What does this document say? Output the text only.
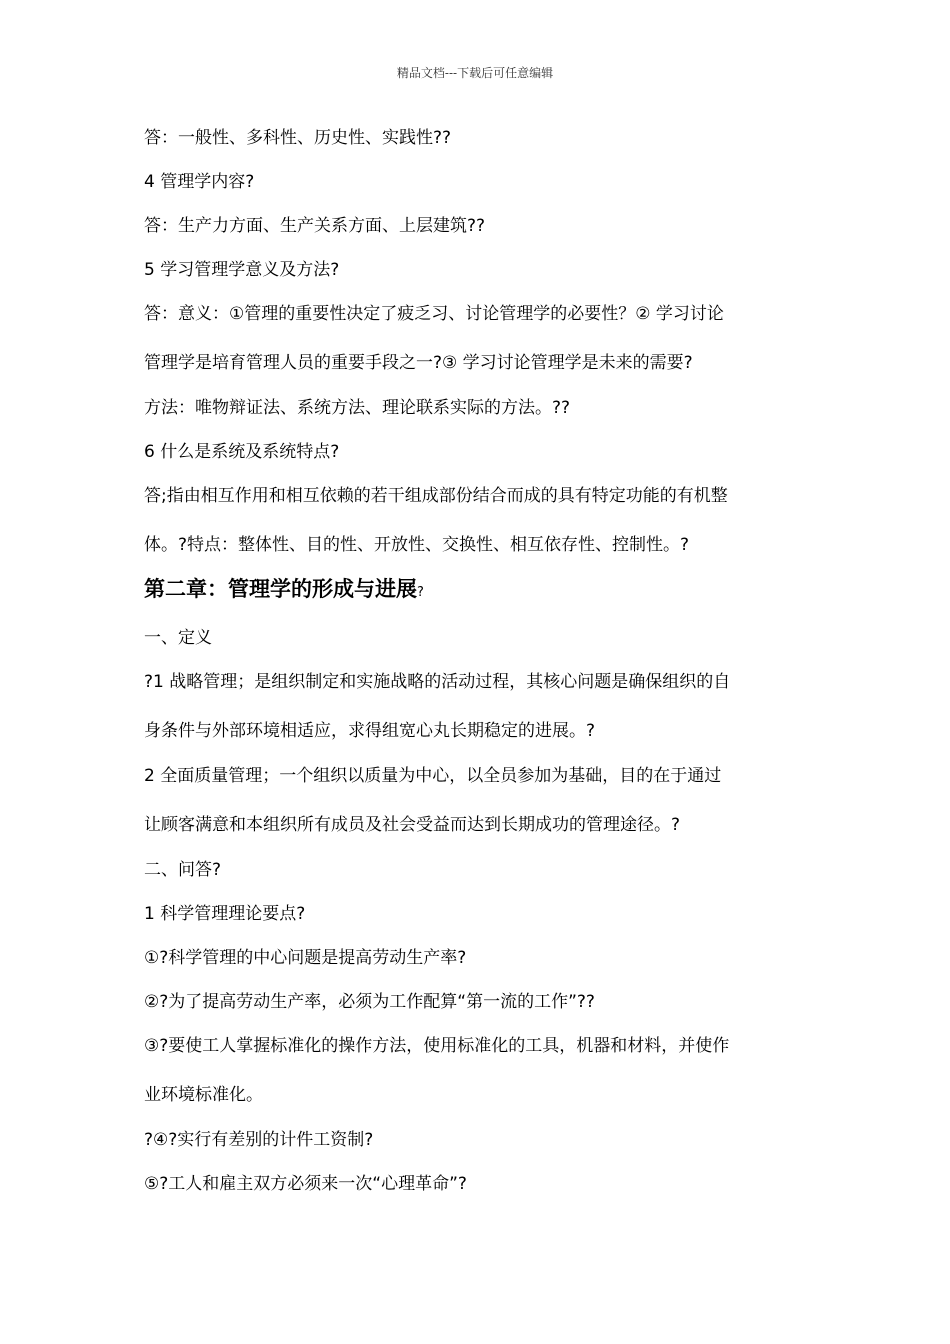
精品文档---下载后可任意编辑
答：一般性、多科性、历史性、实践性??
4 管理学内容?
答：生产力方面、生产关系方面、上层建筑??
5 学习管理学意义及方法?
答：意义：①管理的重要性决定了疲乏习、讨论管理学的必要性？② 学习讨论
管理学是培育管理人员的重要手段之一?③ 学习讨论管理学是未来的需要?
方法：唯物辩证法、系统方法、理论联系实际的方法。??
6 什么是系统及系统特点?
答;指由相互作用和相互依赖的若干组成部份结合而成的具有特定功能的有机整
体。?特点：整体性、目的性、开放性、交换性、相互依存性、控制性。?
第二章：管理学的形成与进展?
一、定义
?1 战略管理；是组织制定和实施战略的活动过程，其核心问题是确保组织的自
身条件与外部环境相适应，求得组宽心丸长期稳定的进展。?
2 全面质量管理；一个组织以质量为中心，以全员参加为基础，目的在于通过
让顾客满意和本组织所有成员及社会受益而达到长期成功的管理途径。?
二、问答?
1 科学管理理论要点?
①?科学管理的中心问题是提高劳动生产率?
②?为了提高劳动生产率，必须为工作配算“第一流的工作”??
③?要使工人掌握标准化的操作方法，使用标准化的工具，机器和材料，并使作
业环境标准化。
?④?实行有差别的计件工资制?
⑤?工人和雇主双方必须来一次“心理革命”?
